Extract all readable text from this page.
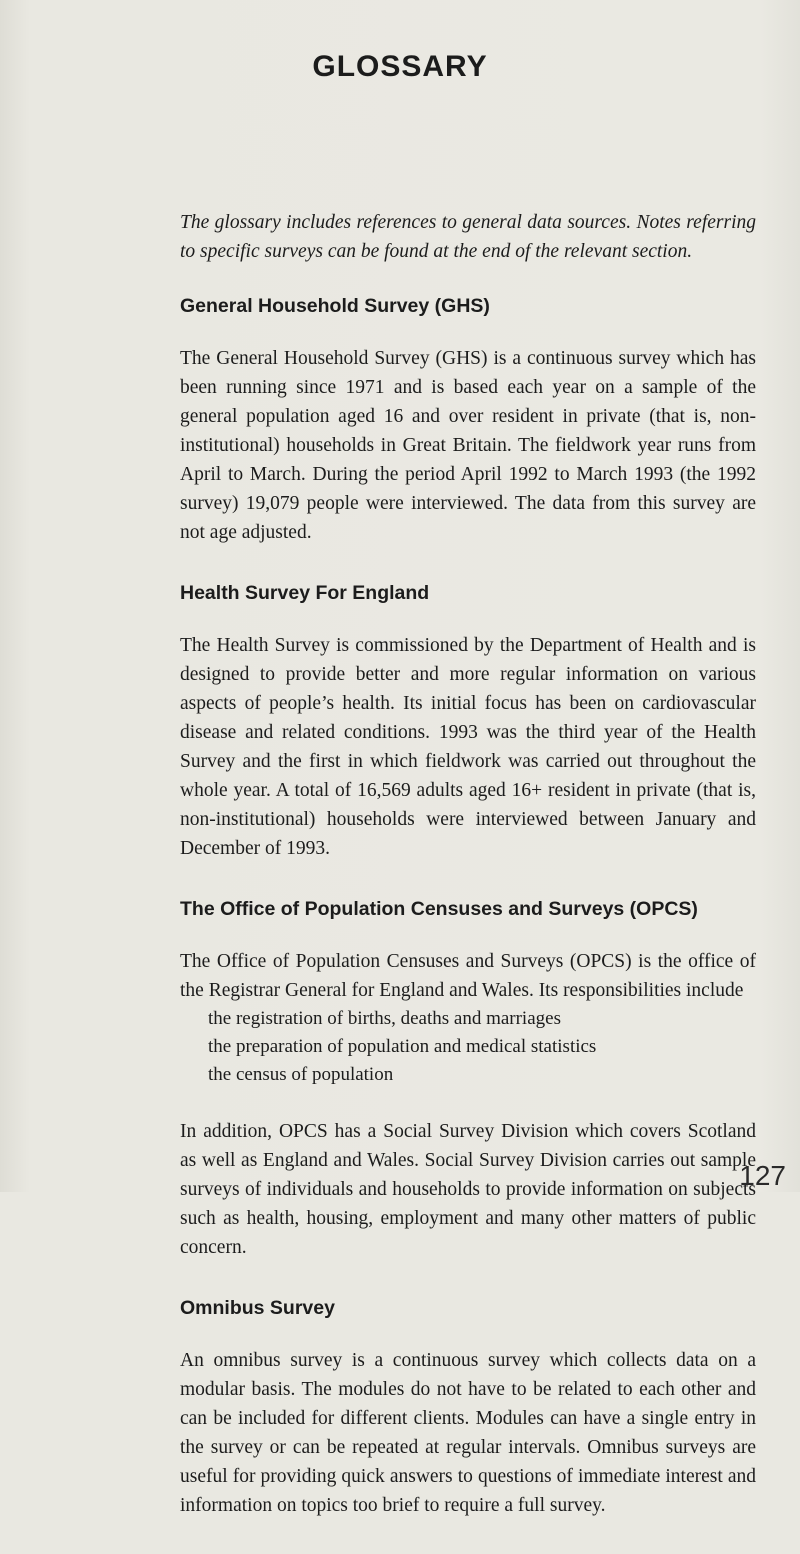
GLOSSARY

The glossary includes references to general data sources. Notes referring to specific surveys can be found at the end of the relevant section.

General Household Survey (GHS)

The General Household Survey (GHS) is a continuous survey which has been running since 1971 and is based each year on a sample of the general population aged 16 and over resident in private (that is, non-institutional) households in Great Britain. The fieldwork year runs from April to March. During the period April 1992 to March 1993 (the 1992 survey) 19,079 people were interviewed. The data from this survey are not age adjusted.

Health Survey For England

The Health Survey is commissioned by the Department of Health and is designed to provide better and more regular information on various aspects of people’s health. Its initial focus has been on cardiovascular disease and related conditions. 1993 was the third year of the Health Survey and the first in which fieldwork was carried out throughout the whole year. A total of 16,569 adults aged 16+ resident in private (that is, non-institutional) households were interviewed between January and December of 1993.

The Office of Population Censuses and Surveys (OPCS)

The Office of Population Censuses and Surveys (OPCS) is the office of the Registrar General for England and Wales. Its responsibilities include

the registration of births, deaths and marriages
the preparation of population and medical statistics
the census of population

In addition, OPCS has a Social Survey Division which covers Scotland as well as England and Wales. Social Survey Division carries out sample surveys of individuals and households to provide information on subjects such as health, housing, employment and many other matters of public concern.

Omnibus Survey

An omnibus survey is a continuous survey which collects data on a modular basis. The modules do not have to be related to each other and can be included for different clients. Modules can have a single entry in the survey or can be repeated at regular intervals. Omnibus surveys are useful for providing quick answers to questions of immediate interest and information on topics too brief to require a full survey.

127
